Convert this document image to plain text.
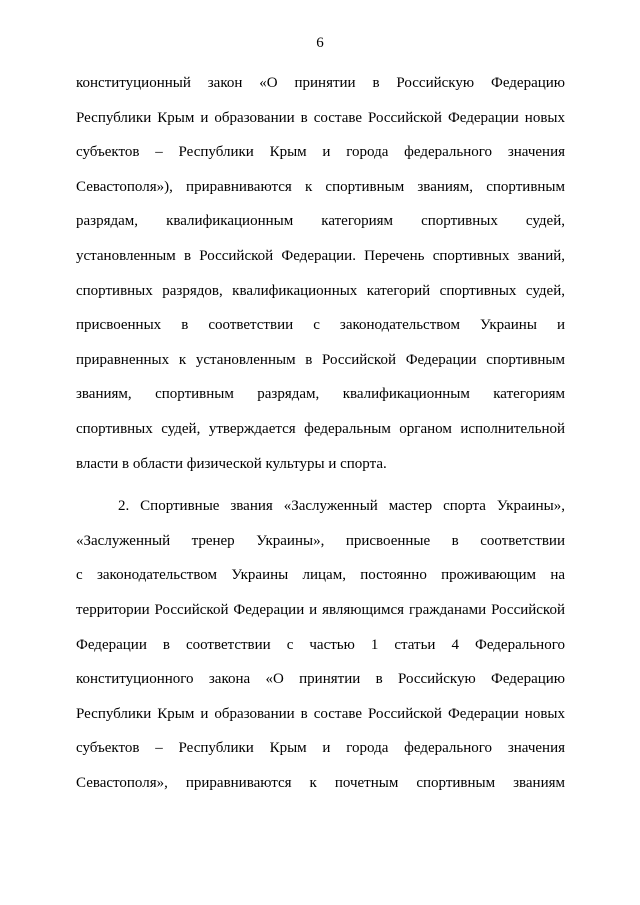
6
конституционный закон «О принятии в Российскую Федерацию
Республики Крым и образовании в составе Российской Федерации новых
субъектов – Республики Крым и города федерального значения
Севастополя»), приравниваются к спортивным званиям, спортивным
разрядам, квалификационным категориям спортивных судей,
установленным в Российской Федерации. Перечень спортивных званий,
спортивных разрядов, квалификационных категорий спортивных судей,
присвоенных в соответствии с законодательством Украины и
приравненных к установленным в Российской Федерации спортивным
званиям, спортивным разрядам, квалификационным категориям
спортивных судей, утверждается федеральным органом исполнительной
власти в области физической культуры и спорта.
2. Спортивные звания «Заслуженный мастер спорта Украины»,
«Заслуженный тренер Украины», присвоенные в соответствии
с законодательством Украины лицам, постоянно проживающим на
территории Российской Федерации и являющимся гражданами Российской
Федерации в соответствии с частью 1 статьи 4 Федерального
конституционного закона «О принятии в Российскую Федерацию
Республики Крым и образовании в составе Российской Федерации новых
субъектов – Республики Крым и города федерального значения
Севастополя», приравниваются к почетным спортивным званиям
